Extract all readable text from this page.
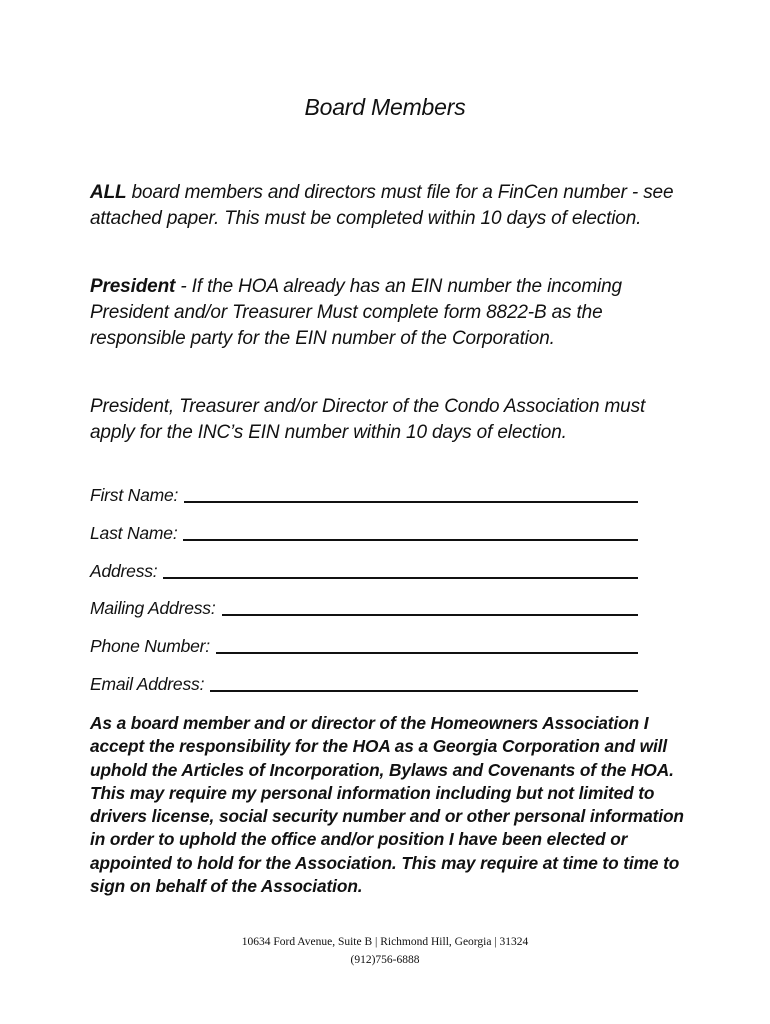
Board Members
ALL board members and directors must file for a FinCen number - see attached paper. This must be completed within 10 days of election.
President - If the HOA already has an EIN number the incoming President and/or Treasurer Must complete form 8822-B as the responsible party for the EIN number of the Corporation.
President, Treasurer and/or Director of the Condo Association must apply for the INC’s EIN number within 10 days of election.
First Name:
Last Name:
Address:
Mailing Address:
Phone Number:
Email Address:
As a board member and or director of the Homeowners Association I accept the responsibility for the HOA as a Georgia Corporation and will uphold the Articles of Incorporation, Bylaws and Covenants of the HOA. This may require my personal information including but not limited to drivers license, social security number and or other personal information in order to uphold the office and/or position I have been elected or appointed to hold for the Association. This may require at time to time to sign on behalf of the Association.
10634 Ford Avenue, Suite B | Richmond Hill, Georgia | 31324
(912)756-6888
